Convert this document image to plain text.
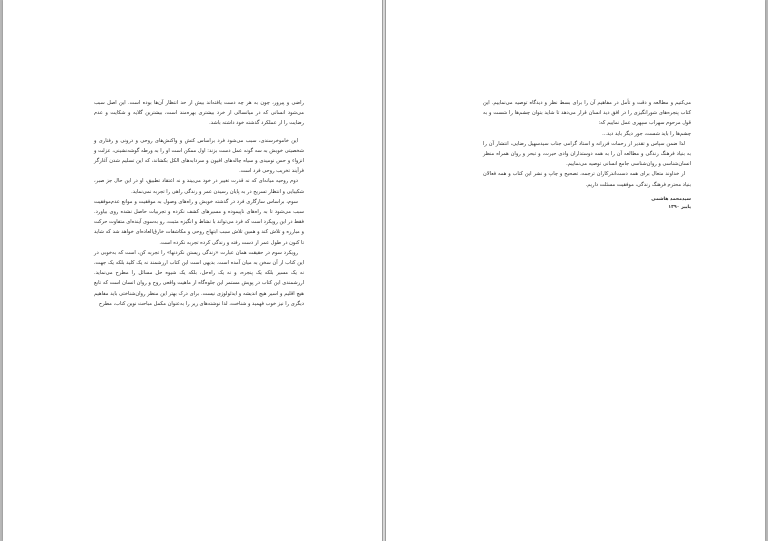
راضی و پیروز، چون به هر چه دست یافته‌اند بیش از حد انتظار آن‌ها بوده است. این اصل سبب می‌شود انسانی که در میانسالی از خرد بیشتری بهره‌مند است، بیشترین گلایه و شکایت و عدم رضایت را از عملکرد گذشته خود داشته باشد.

این خاموخرسندی، سبب می‌شود فرد براساس کنش و واکنش‌های روحی و درونی و رفتاری و شخصیتی خویش به سه گونه عمل دست بزند: اول ممکن است او را به ورطه گوشه‌نشینی، عزلت و انزواء و حس نومیدی و سیاه چاله‌های افیون و سردابه‌های الکل بکشاند، که این تسلیم شدن آغازگر فرآیند تخریب روحی فرد است.

دوم روحیه میانه‌ای که نه قدرت تغییر در خود می‌بیند و نه اعتقاد تطبیق، او در این حال جز صبر، شکیبایی و انتظار تسریح در به پایان رسیدن عمر و زندگی راهی را تجربه نمی‌نماید.

سوم، براساس سازگاری فرد در گذشته خویش و راه‌های وصول به موفقیت و موانع عدم‌موفقیت سبب می‌شود تا به راه‌های ناپیموده و مسیرهای کشف نکرده و تجربیات حاصل نشده روی بیاورد. فقط در این رویکرد است که فرد می‌تواند با نشاط و انگیزه مثبت، رو به‌سوی آینده‌ای متفاوت حرکت و مبارزه و تلاش کند و همین تلاش سبب ابتهاج روحی و مکاشفات خارق‌العاده‌ای خواهد شد که شاید تا کنون در طول عمر از دست رفته و زندگی کرده تجربه نکرده است.

رویکرد سوم در حقیقت همان عبارت «زندگی زیستن نکردنها» را تجربه کن، است که به‌خوبی در این کتاب از آن سخن به میان آمده است. بدیهی است این کتاب ارزشمند نه یک کلید بلکه یک جهت، نه یک مسیر بلکه یک پنجره، و نه یک راه‌حل، بلکه یک شیوه حل مسائل را مطرح می‌نماید. ارزشمندی این کتاب در پویش مستمر این جلوه‌گاه از ماهیت واقعی روح و روان انسان است که تابع هیچ اقلیم و اسیر هیچ اندیشه و ایدئولوژی نیست. برای درک بهتر این منظر روان‌شناختی باید مفاهیم دیگری را نیز خوب فهمید و شناخت، لذا نوشته‌های زیر را به‌عنوان مکمل مباحث نوین کتاب، مطرح

می‌کنیم و مطالعه و دقت و تأمل در مفاهیم آن را برای بسط نظر و دیدگاه توصیه می‌نماییم. این کتاب پنجره‌های شورانگیزی را در افق دید انسان قرار می‌دهد تا شاید بتوان چشم‌ها را شست و به قول مرحوم سهراب سپهری عمل نماییم که:

چشم‌ها را باید شست، جور دیگر باید دید...

لذا ضمن سپاس و تقدیر از زحمات فرزانه و استاد گرامی جناب سیدسهیل رضایی، انتشار آن را به بنیاد فرهنگ زندگی و مطالعه آن را به همه دوستداران وادی حیرت، و تبحر و روان همراه منظر انسان‌شناسی و روان‌شناسی جامع انسانی توصیه می‌نماییم.

از خداوند متعال برای همه دست‌اندرکاران ترجمه، تصحیح و چاپ و نشر این کتاب و همه فعالان بنیاد محترم فرهنگ زندگی، موفقیت مسئلت داریم.

سیدمحمد هاشمی
پاییز ۱۳۹۰
